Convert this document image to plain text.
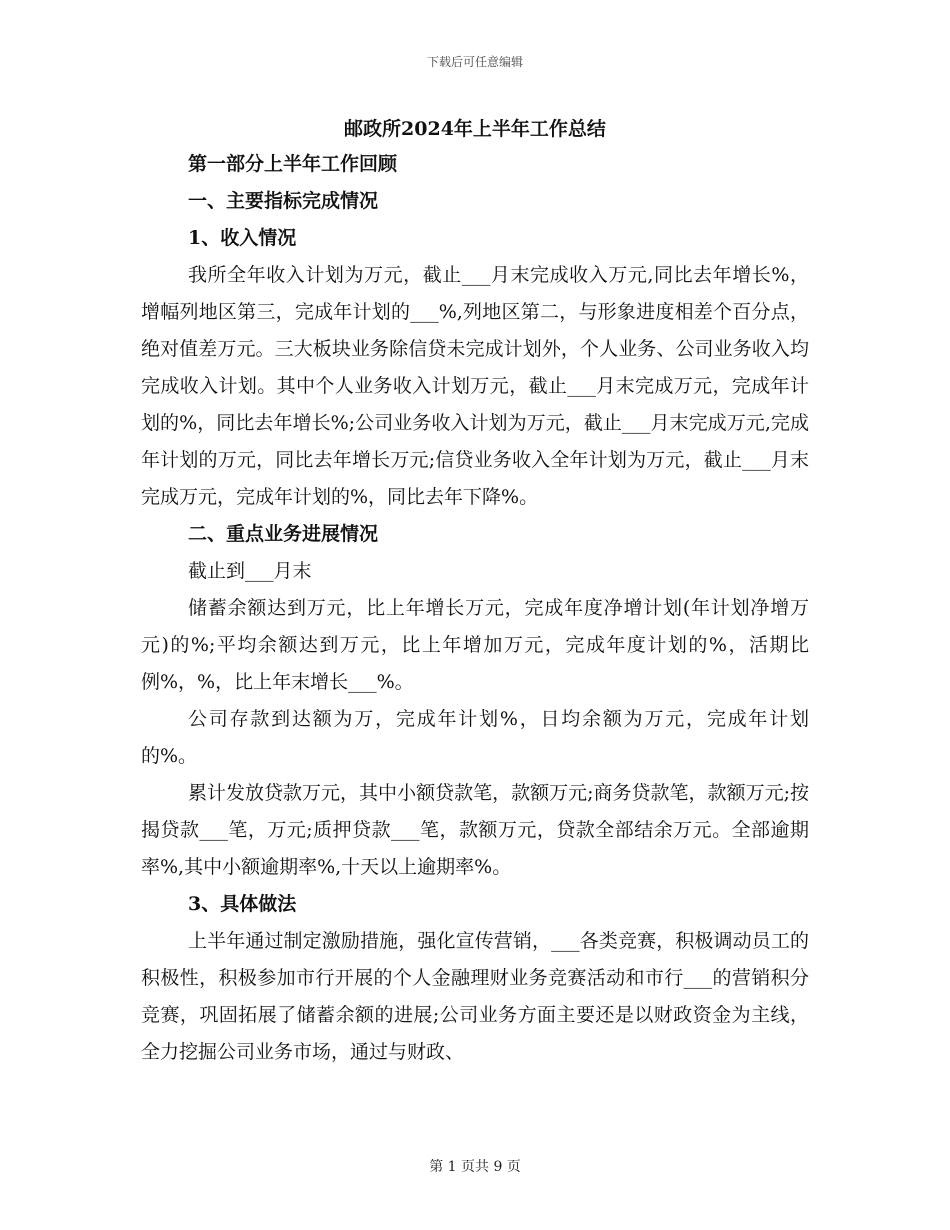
下载后可任意编辑
邮政所2024年上半年工作总结

第一部分上半年工作回顾

一、主要指标完成情况

1、收入情况

我所全年收入计划为万元，截止___月末完成收入万元,同比去年增长%，增幅列地区第三，完成年计划的___%,列地区第二，与形象进度相差个百分点，绝对值差万元。三大板块业务除信贷未完成计划外，个人业务、公司业务收入均完成收入计划。其中个人业务收入计划万元，截止___月末完成万元，完成年计划的%，同比去年增长%;公司业务收入计划为万元，截止___月末完成万元,完成年计划的万元，同比去年增长万元;信贷业务收入全年计划为万元，截止___月末完成万元，完成年计划的%，同比去年下降%。

二、重点业务进展情况

截止到___月末

储蓄余额达到万元，比上年增长万元，完成年度净增计划(年计划净增万元)的%;平均余额达到万元，比上年增加万元，完成年度计划的%，活期比例%，%，比上年末增长___%。

公司存款到达额为万，完成年计划%，日均余额为万元，完成年计划的%。

累计发放贷款万元，其中小额贷款笔，款额万元;商务贷款笔，款额万元;按揭贷款___笔，万元;质押贷款___笔，款额万元，贷款全部结余万元。全部逾期率%,其中小额逾期率%,十天以上逾期率%。

3、具体做法

上半年通过制定激励措施，强化宣传营销，___各类竞赛，积极调动员工的积极性，积极参加市行开展的个人金融理财业务竞赛活动和市行___的营销积分竞赛，巩固拓展了储蓄余额的进展;公司业务方面主要还是以财政资金为主线，全力挖掘公司业务市场，通过与财政、

第 1 页共 9 页
